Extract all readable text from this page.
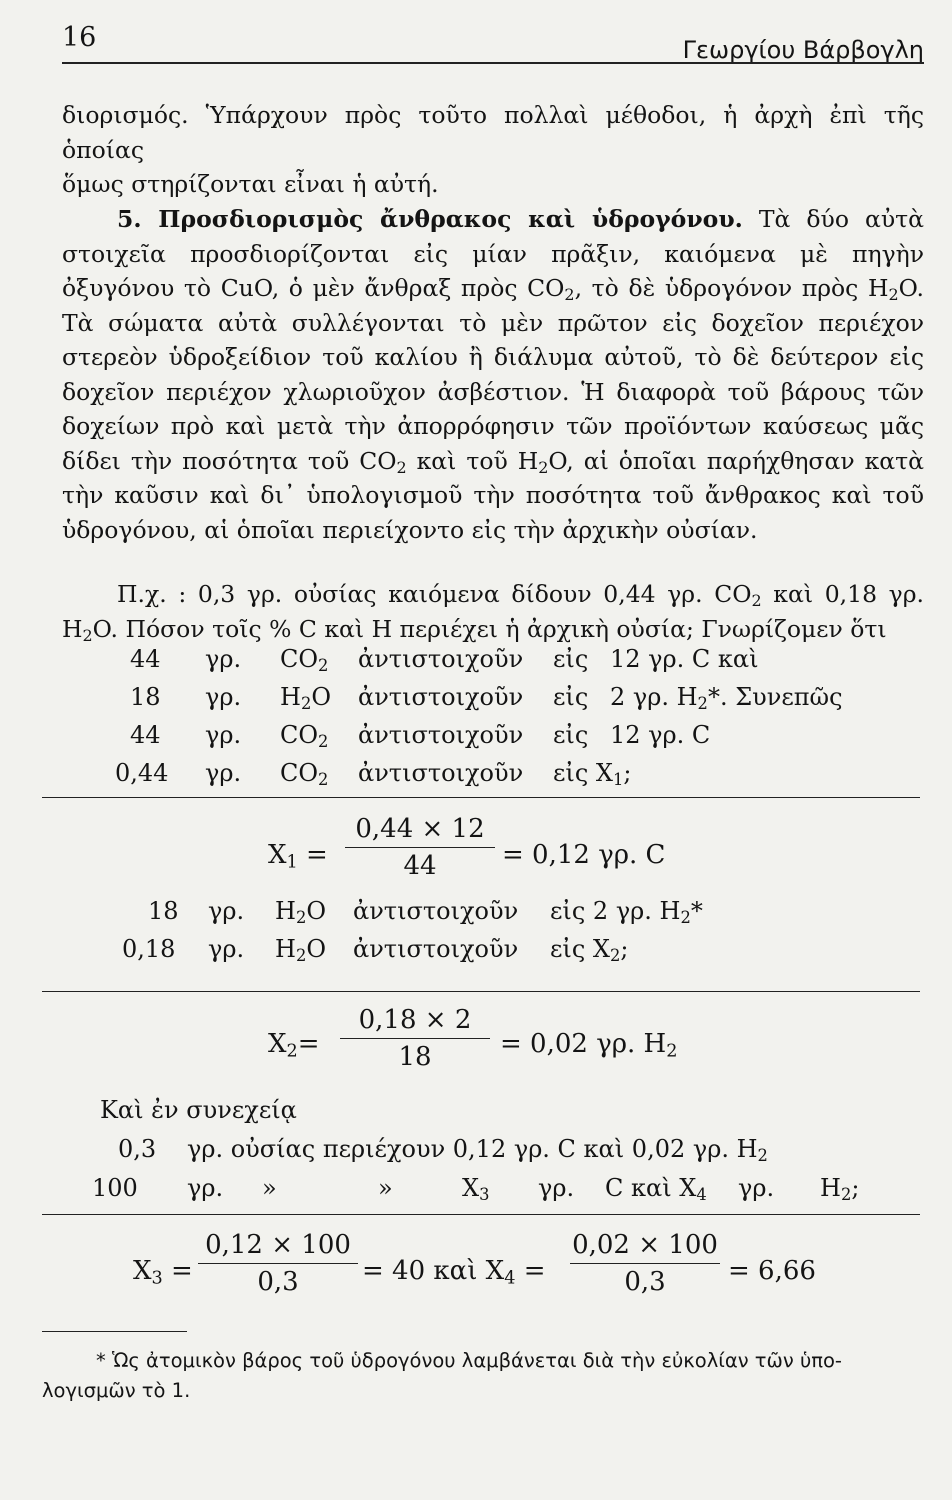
16	Γεωργίου Βάρβογλη

διορισμός. Ὑπάρχουν πρὸς τοῦτο πολλαὶ μέθοδοι, ἡ ἀρχὴ ἐπὶ τῆς ὁποίας

ὅμως στηρίζονται εἶναι ἡ αὐτή.

5. Προσδιορισμὸς ἄνθρακος καὶ ὑδρογόνου. Τὰ δύο αὐτὰ στοιχεῖα προσδιορίζονται εἰς μίαν πρᾶξιν, καιόμενα μὲ πηγὴν ὀξυγόνου τὸ CuO, ὁ μὲν ἄνθραξ πρὸς $CO_2$, τὸ δὲ ὑδρογόνον πρὸς $H_2O$. Τὰ σώματα αὐτὰ συλλέγονται τὸ μὲν πρῶτον εἰς δοχεῖον περιέχον στερεὸν ὑδροξείδιον τοῦ καλίου ἢ διάλυμα αὐτοῦ, τὸ δὲ δεύτερον εἰς δοχεῖον περιέχον χλωριοῦχον ἀσβέστιον. Ἡ διαφορὰ τοῦ βάρους τῶν δοχείων πρὸ καὶ μετὰ τὴν ἀπορρόφησιν τῶν προϊόντων καύσεως μᾶς δίδει τὴν ποσότητα τοῦ $CO_2$ καὶ τοῦ $H_2O$, αἱ ὁποῖαι παρήχθησαν κατὰ τὴν καῦσιν καὶ δι᾽ ὑπολογισμοῦ τὴν ποσότητα τοῦ ἄνθρακος καὶ τοῦ ὑδρογόνου, αἱ ὁποῖαι περιείχοντο εἰς τὴν ἀρχικὴν οὐσίαν.

Π.χ. : 0,3 γρ. οὐσίας καιόμενα δίδουν 0,44 γρ. $CO_2$ καὶ 0,18 γρ. $H_2O$. Πόσον τοῖς % C καὶ H περιέχει ἡ ἀρχικὴ οὐσία; Γνωρίζομεν ὅτι

44 γρ. $CO_2$ ἀντιστοιχοῦν εἰς 12 γρ. C καὶ
18 γρ. $H_2O$ ἀντιστοιχοῦν εἰς 2 γρ. $H_2*$. Συνεπῶς
44 γρ. $CO_2$ ἀντιστοιχοῦν εἰς 12 γρ. C
0,44 γρ. $CO_2$ ἀντιστοιχοῦν εἰς $X_1$;
$X_1$ =
0,44 × 12
44	= 0,12 γρ. C
18 γρ. $H_2O$ ἀντιστοιχοῦν εἰς 2 γρ. $H_2*$
0,18 γρ. $H_2O$ ἀντιστοιχοῦν εἰς $X_2$;
$X_2=$
0,18 × 2
18	= 0,02 γρ. $H_2$
Καὶ ἐν συνεχείᾳ
0,3 γρ. οὐσίας περιέχουν 0,12 γρ. C καὶ 0,02 γρ. $H_2$
100 γρ. »	»	$X_3$ γρ. C καὶ $X_4$ γρ. $H_2$;
$X_3$ =
0,12 × 100
0,3	= 40 καὶ $X_4$ =
0,02 × 100
0,3	= 6,66

* Ὡς ἀτομικὸν βάρος τοῦ ὑδρογόνου λαμβάνεται διὰ τὴν εὐκολίαν τῶν ὑπο-

λογισμῶν τὸ 1.
